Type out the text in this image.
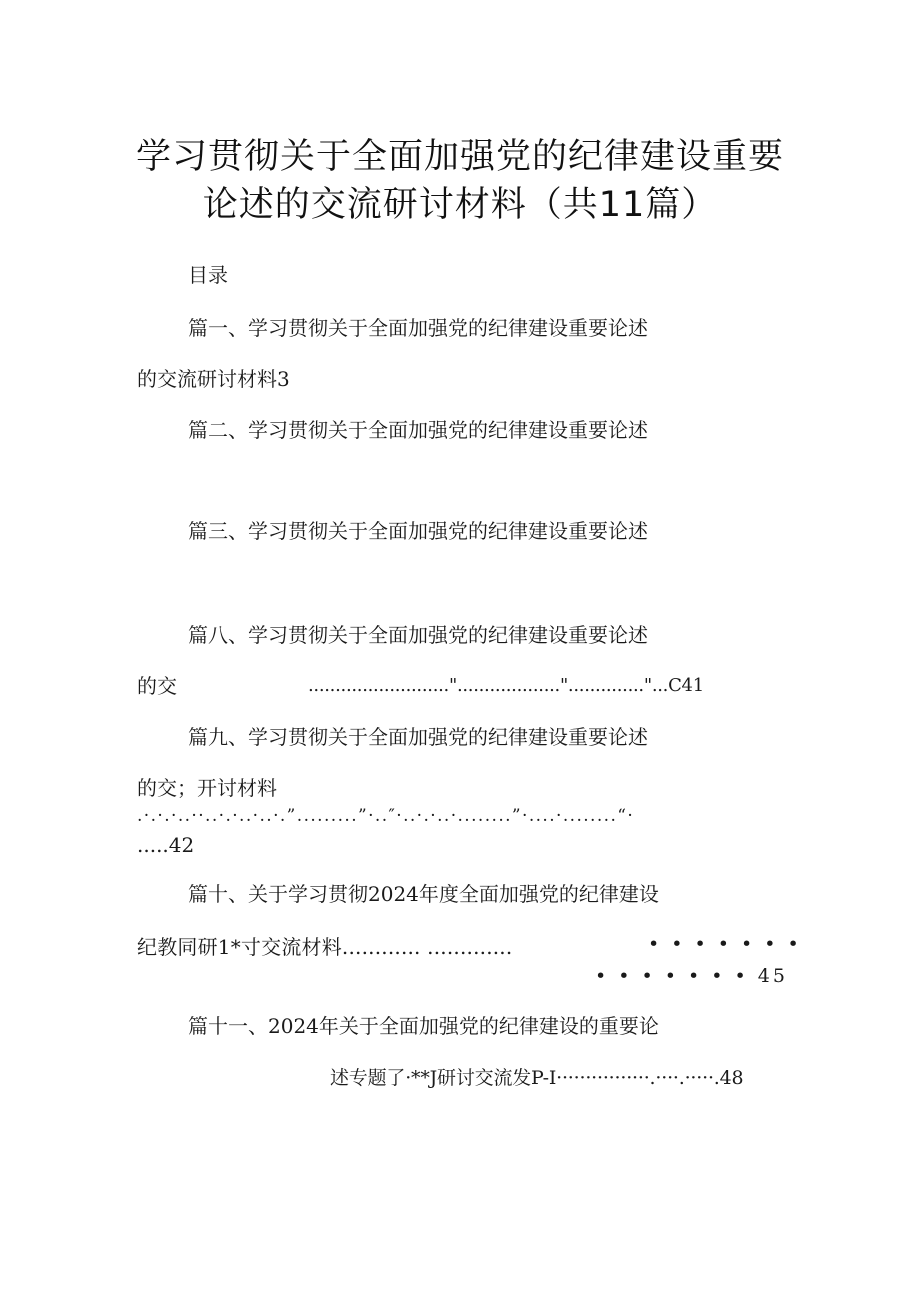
学习贯彻关于全面加强党的纪律建设重要
论述的交流研讨材料（共11篇）
目录
篇一、学习贯彻关于全面加强党的纪律建设重要论述
的交流研讨材料3
篇二、学习贯彻关于全面加强党的纪律建设重要论述
篇三、学习贯彻关于全面加强党的纪律建设重要论述
篇八、学习贯彻关于全面加强党的纪律建设重要论述
的交	.........................."...................".............."...C41
篇九、学习贯彻关于全面加强党的纪律建设重要论述
的交；开讨材料
.·.·.·..··..·.·..·..·.”.........”·..″·..·.·..·........”·....·........“·
.....42
篇十、关于学习贯彻2024年度全面加强党的纪律建设
纪教同研1*寸交流材料............ .............	• • • • • • •
• • • • • • • 45
篇十一、2024年关于全面加强党的纪律建设的重要论
述专题了·**J研讨交流发P-I················.····.·····.48
